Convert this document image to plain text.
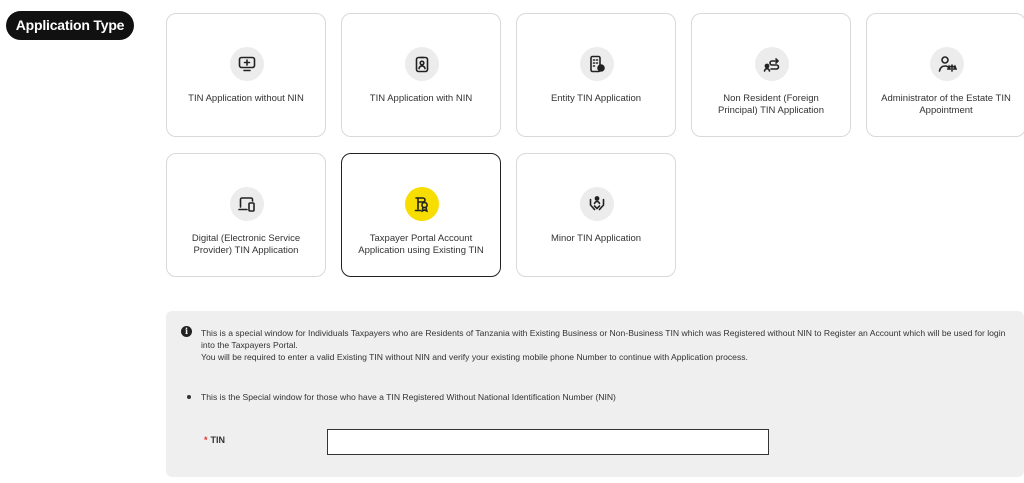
Application Type
TIN Application without NIN	TIN Application with NIN	Entity TIN Application	Non Resident (Foreign Principal) TIN Application
Administrator of the Estate TIN Appointment
Digital (Electronic Service Provider) TIN Application
Taxpayer Portal Account Application using Existing TIN
Minor TIN Application
i	This is a special window for Individuals Taxpayers who are Residents of Tanzania with Existing Business or Non-Business TIN which was Registered without NIN to Register an Account which will be used for login into the Taxpayers Portal.
You will be required to enter a valid Existing TIN without NIN and verify your existing mobile phone Number to continue with Application process.
This is the Special window for those who have a TIN Registered Without National Identification Number (NIN)
* TIN
